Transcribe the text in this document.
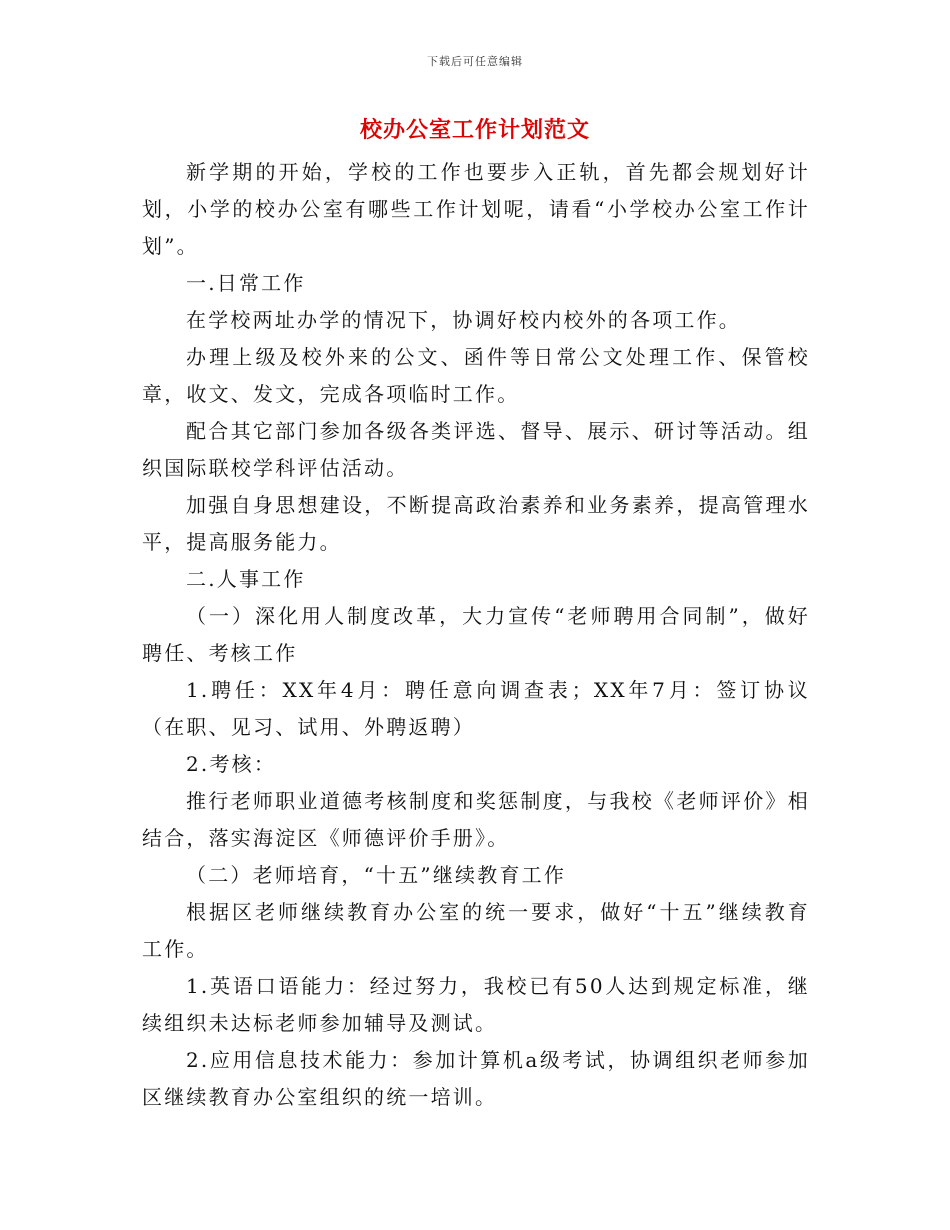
下载后可任意编辑
校办公室工作计划范文

新学期的开始，学校的工作也要步入正轨，首先都会规划好计划，小学的校办公室有哪些工作计划呢，请看“小学校办公室工作计划”。

一.日常工作

在学校两址办学的情况下，协调好校内校外的各项工作。

办理上级及校外来的公文、函件等日常公文处理工作、保管校章，收文、发文，完成各项临时工作。

配合其它部门参加各级各类评选、督导、展示、研讨等活动。组织国际联校学科评估活动。

加强自身思想建设，不断提高政治素养和业务素养，提高管理水平，提高服务能力。

二.人事工作

（一）深化用人制度改革，大力宣传“老师聘用合同制”，做好聘任、考核工作

1.聘任：XX年4月：聘任意向调查表；XX年7月：签订协议（在职、见习、试用、外聘返聘）

2.考核：

推行老师职业道德考核制度和奖惩制度，与我校《老师评价》相结合，落实海淀区《师德评价手册》。

（二）老师培育，“十五”继续教育工作

根据区老师继续教育办公室的统一要求，做好“十五”继续教育工作。

1.英语口语能力：经过努力，我校已有50人达到规定标准，继续组织未达标老师参加辅导及测试。

2.应用信息技术能力：参加计算机a级考试，协调组织老师参加区继续教育办公室组织的统一培训。
